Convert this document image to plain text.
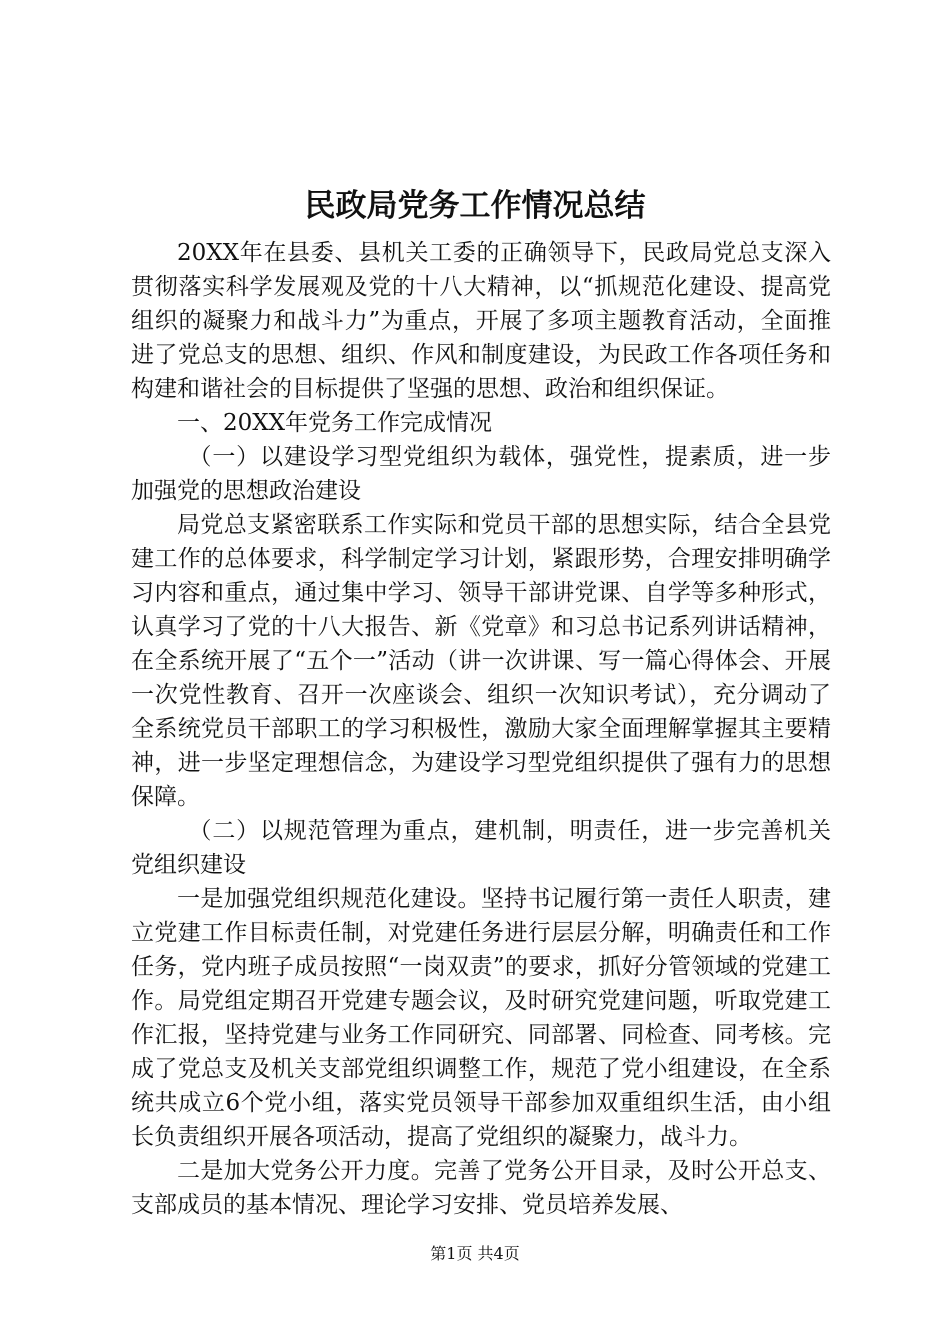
民政局党务工作情况总结

20XX年在县委、县机关工委的正确领导下，民政局党总支深入贯彻落实科学发展观及党的十八大精神，以“抓规范化建设、提高党组织的凝聚力和战斗力”为重点，开展了多项主题教育活动，全面推进了党总支的思想、组织、作风和制度建设，为民政工作各项任务和构建和谐社会的目标提供了坚强的思想、政治和组织保证。

一、20XX年党务工作完成情况

（一）以建设学习型党组织为载体，强党性，提素质，进一步加强党的思想政治建设

局党总支紧密联系工作实际和党员干部的思想实际，结合全县党建工作的总体要求，科学制定学习计划，紧跟形势，合理安排明确学习内容和重点，通过集中学习、领导干部讲党课、自学等多种形式，认真学习了党的十八大报告、新《党章》和习总书记系列讲话精神，在全系统开展了“五个一”活动（讲一次讲课、写一篇心得体会、开展一次党性教育、召开一次座谈会、组织一次知识考试），充分调动了全系统党员干部职工的学习积极性，激励大家全面理解掌握其主要精神，进一步坚定理想信念，为建设学习型党组织提供了强有力的思想保障。

（二）以规范管理为重点，建机制，明责任，进一步完善机关党组织建设

一是加强党组织规范化建设。坚持书记履行第一责任人职责，建立党建工作目标责任制，对党建任务进行层层分解，明确责任和工作任务，党内班子成员按照“一岗双责”的要求，抓好分管领域的党建工作。局党组定期召开党建专题会议，及时研究党建问题，听取党建工作汇报，坚持党建与业务工作同研究、同部署、同检查、同考核。完成了党总支及机关支部党组织调整工作，规范了党小组建设，在全系统共成立6个党小组，落实党员领导干部参加双重组织生活，由小组长负责组织开展各项活动，提高了党组织的凝聚力，战斗力。

二是加大党务公开力度。完善了党务公开目录，及时公开总支、支部成员的基本情况、理论学习安排、党员培养发展、

第1页 共4页
